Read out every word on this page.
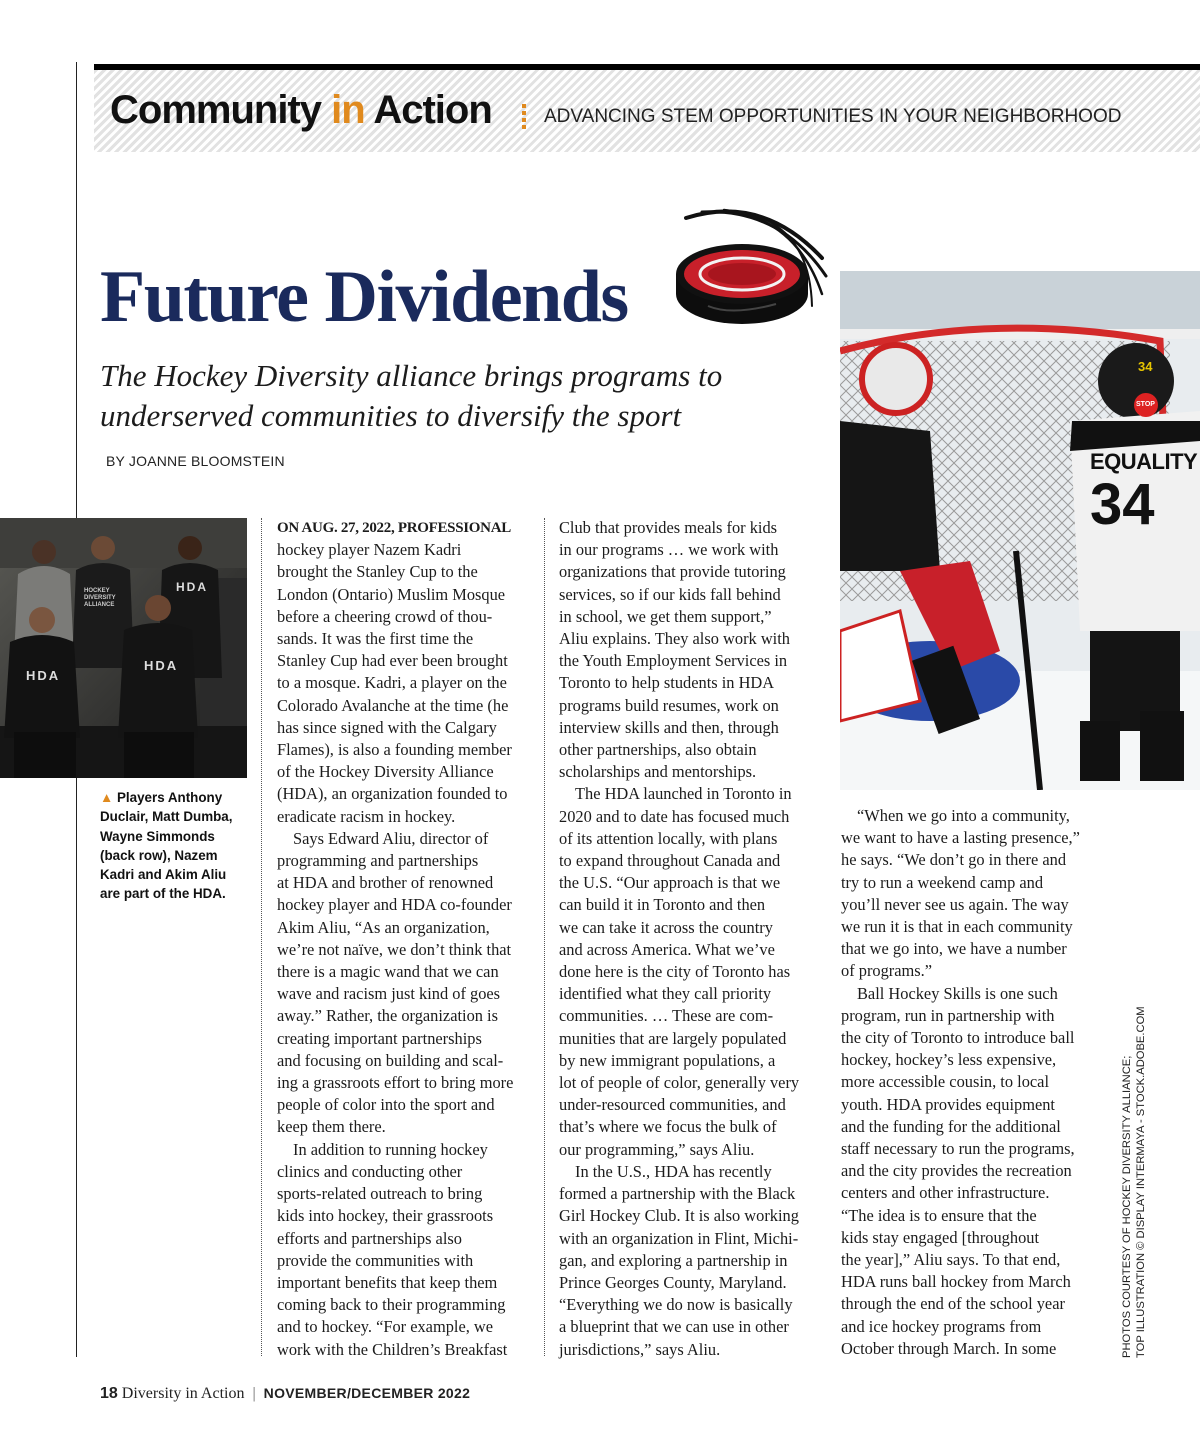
Community in Action	ADVANCING STEM OPPORTUNITIES IN YOUR NEIGHBORHOOD
Future Dividends
The Hockey Diversity alliance brings programs to
underserved communities to diversify the sport
BY JOANNE BLOOMSTEIN
HDA
HDA
HDA
HOCKEY DIVERSITY ALLIANCE
▲ Players Anthony
Duclair, Matt Dumba,
Wayne Simmonds
(back row), Nazem
Kadri and Akim Aliu
are part of the HDA.
EQUALITY
34
34
STOP
ON AUG. 27, 2022, PROFESSIONAL
hockey player Nazem Kadri
brought the Stanley Cup to the
London (Ontario) Muslim Mosque
before a cheering crowd of thou-
sands. It was the first time the
Stanley Cup had ever been brought
to a mosque. Kadri, a player on the
Colorado Avalanche at the time (he
has since signed with the Calgary
Flames), is also a founding member
of the Hockey Diversity Alliance
(HDA), an organization founded to
eradicate racism in hockey.
Says Edward Aliu, director of
programming and partnerships
at HDA and brother of renowned
hockey player and HDA co-founder
Akim Aliu, “As an organization,
we’re not naïve, we don’t think that
there is a magic wand that we can
wave and racism just kind of goes
away.” Rather, the organization is
creating important partnerships
and focusing on building and scal-
ing a grassroots effort to bring more
people of color into the sport and
keep them there.
In addition to running hockey
clinics and conducting other
sports-related outreach to bring
kids into hockey, their grassroots
efforts and partnerships also
provide the communities with
important benefits that keep them
coming back to their programming
and to hockey. “For example, we
work with the Children’s Breakfast
Club that provides meals for kids
in our programs … we work with
organizations that provide tutoring
services, so if our kids fall behind
in school, we get them support,”
Aliu explains. They also work with
the Youth Employment Services in
Toronto to help students in HDA
programs build resumes, work on
interview skills and then, through
other partnerships, also obtain
scholarships and mentorships.
The HDA launched in Toronto in
2020 and to date has focused much
of its attention locally, with plans
to expand throughout Canada and
the U.S. “Our approach is that we
can build it in Toronto and then
we can take it across the country
and across America. What we’ve
done here is the city of Toronto has
identified what they call priority
communities. … These are com-
munities that are largely populated
by new immigrant populations, a
lot of people of color, generally very
under-resourced communities, and
that’s where we focus the bulk of
our programming,” says Aliu.
In the U.S., HDA has recently
formed a partnership with the Black
Girl Hockey Club. It is also working
with an organization in Flint, Michi-
gan, and exploring a partnership in
Prince Georges County, Maryland.
“Everything we do now is basically
a blueprint that we can use in other
jurisdictions,” says Aliu.
“When we go into a community,
we want to have a lasting presence,”
he says. “We don’t go in there and
try to run a weekend camp and
you’ll never see us again. The way
we run it is that in each community
that we go into, we have a number
of programs.”
Ball Hockey Skills is one such
program, run in partnership with
the city of Toronto to introduce ball
hockey, hockey’s less expensive,
more accessible cousin, to local
youth. HDA provides equipment
and the funding for the additional
staff necessary to run the programs,
and the city provides the recreation
centers and other infrastructure.
“The idea is to ensure that the
kids stay engaged [throughout
the year],” Aliu says. To that end,
HDA runs ball hockey from March
through the end of the school year
and ice hockey programs from
October through March. In some	PHOTOS COURTESY OF HOCKEY DIVERSITY ALLIANCE; TOP ILLUSTRATION © DISPLAY INTERMAYA - STOCK.ADOBE.COM
18 Diversity in Action | NOVEMBER/DECEMBER 2022
